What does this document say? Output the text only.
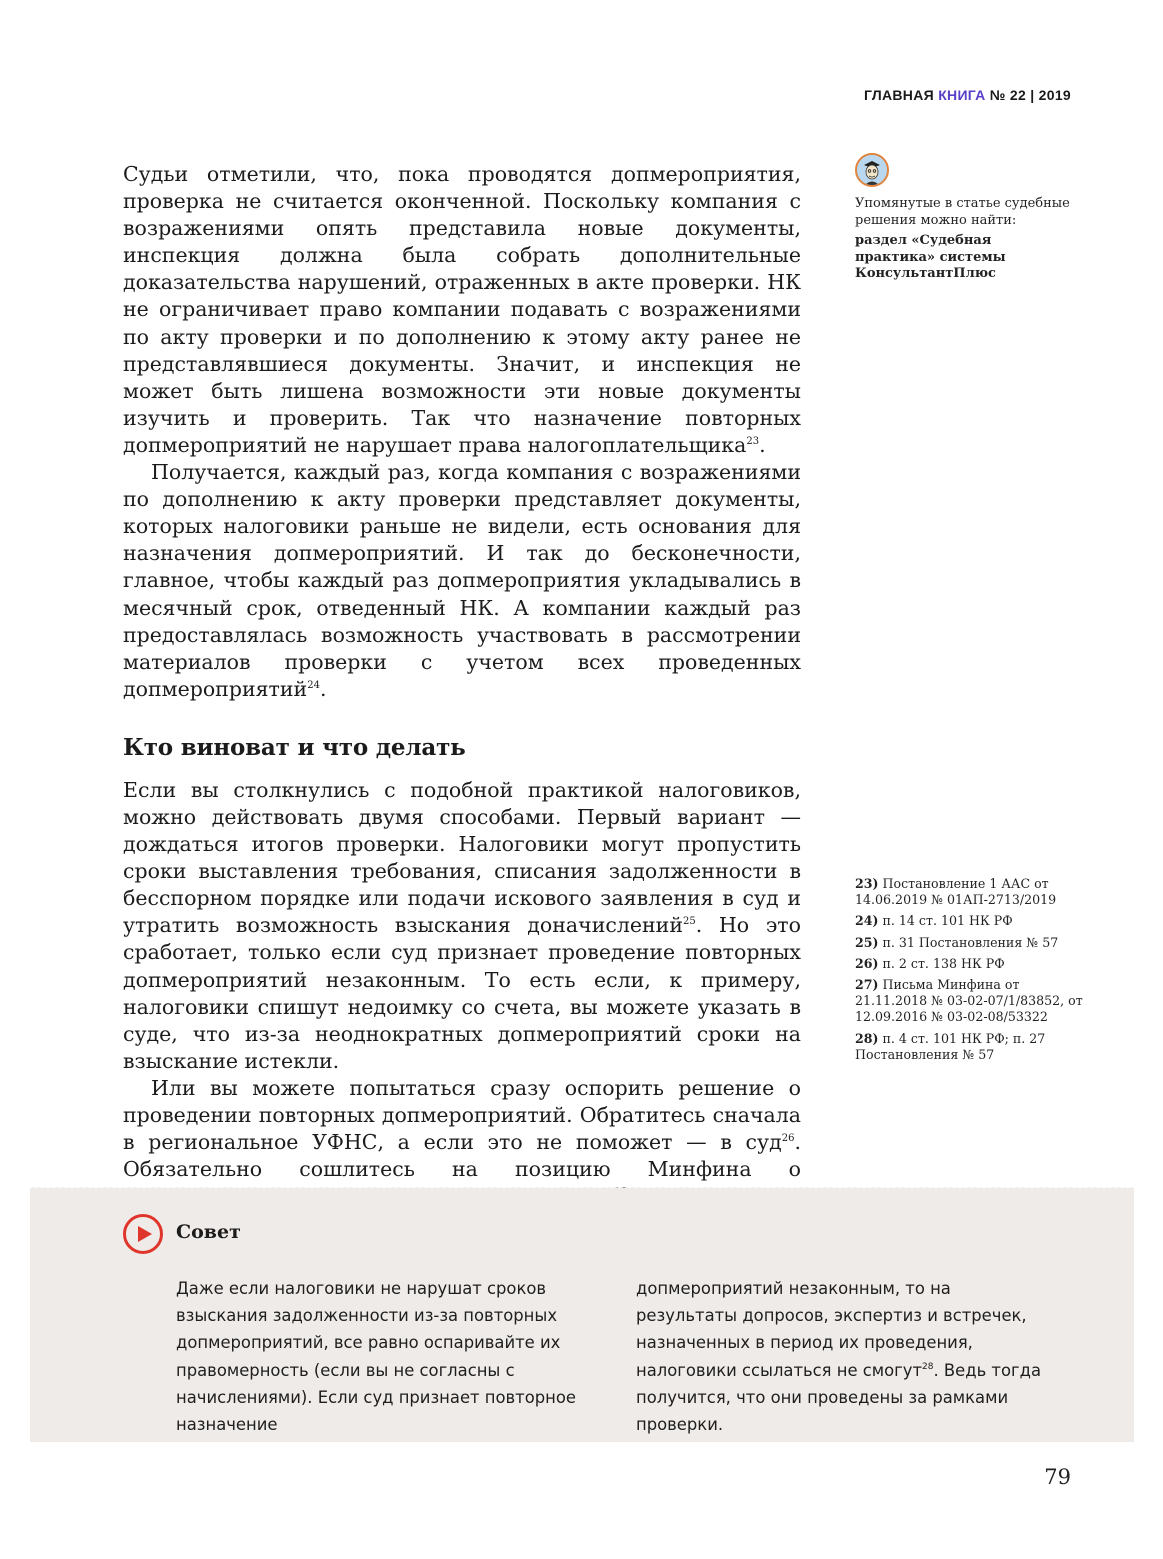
ГЛАВНАЯ КНИГА № 22 | 2019

Судьи отметили, что, пока проводятся допмероприятия, проверка не считается оконченной. Поскольку компания с возражениями опять представила новые документы, инспекция должна была собрать дополнительные доказательства нарушений, отраженных в акте проверки. НК не ограничивает право компании подавать с возражениями по акту проверки и по дополнению к этому акту ранее не представлявшиеся документы. Значит, и инспекция не может быть лишена возможности эти новые документы изучить и проверить. Так что назначение повторных допмероприятий не нарушает права налогоплательщика$^{23}$.

Получается, каждый раз, когда компания с возражениями по дополнению к акту проверки представляет документы, которых налоговики раньше не видели, есть основания для назначения допмероприятий. И так до бесконечности, главное, чтобы каждый раз допмероприятия укладывались в месячный срок, отведенный НК. А компании каждый раз предоставлялась возможность участвовать в рассмотрении материалов проверки с учетом всех проведенных допмероприятий$^{24}$.

Кто виноват и что делать

Если вы столкнулись с подобной практикой налоговиков, можно действовать двумя способами. Первый вариант — дождаться итогов проверки. Налоговики могут пропустить сроки выставления требования, списания задолженности в бесспорном порядке или подачи искового заявления в суд и утратить возможность взыскания доначислений$^{25}$. Но это сработает, только если суд признает проведение повторных допмероприятий незаконным. То есть если, к примеру, налоговики спишут недоимку со счета, вы можете указать в суде, что из-за неоднократных допмероприятий сроки на взыскание истекли.

Или вы можете попытаться сразу оспорить решение о проведении повторных допмероприятий. Обратитесь сначала в региональное УФНС, а если это не поможет — в суд$^{26}$. Обязательно сошлитесь на позицию Минфина о

Упомянутые в статье судебные решения можно найти:

раздел «Судебная практика» системы КонсультантПлюс

23) Постановление 1 ААС от 14.06.2019 № 01АП-2713/2019

24) п. 14 ст. 101 НК РФ

25) п. 31 Постановления № 57

26) п. 2 ст. 138 НК РФ

27) Письма Минфина от 21.11.2018 № 03-02-07/1/83852, от 12.09.2016 № 03-02-08/53322

28) п. 4 ст. 101 НК РФ; п. 27 Постановления № 57

Совет

Даже если налоговики не нарушат сроков взыскания задолженности из-за повторных допмероприятий, все равно оспаривайте их правомерность (если вы не согласны с начислениями). Если суд признает повторное назначение

допмероприятий незаконным, то на результаты допросов, экспертиз и встречек, назначенных в период их проведения, налоговики ссылаться не смогут$^{28}$. Ведь тогда получится, что они проведены за рамками проверки.

79
